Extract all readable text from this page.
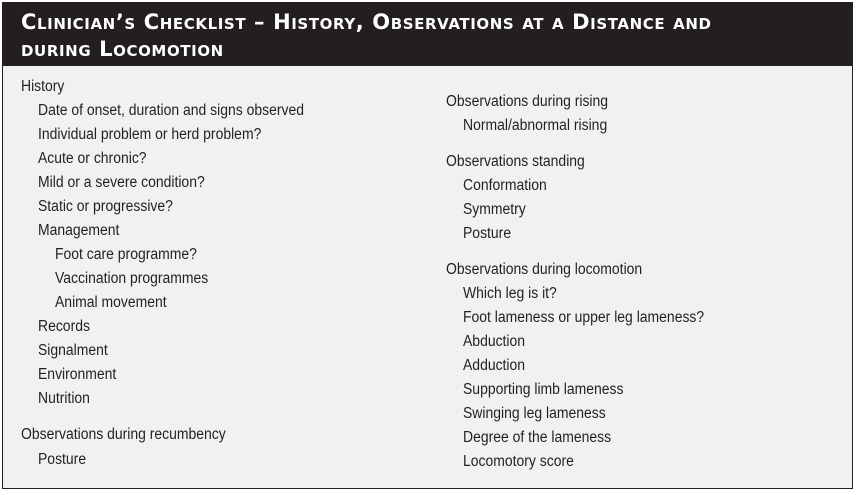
Clinician’s Checklist – History, Observations at a Distance and
during Locomotion
History
Date of onset, duration and signs observed
Individual problem or herd problem?
Acute or chronic?
Mild or a severe condition?
Static or progressive?
Management
Foot care programme?
Vaccination programmes
Animal movement
Records
Signalment
Environment
Nutrition
Observations during recumbency
Posture
Observations during rising
Normal/abnormal rising
Observations standing
Conformation
Symmetry
Posture
Observations during locomotion
Which leg is it?
Foot lameness or upper leg lameness?
Abduction
Adduction
Supporting limb lameness
Swinging leg lameness
Degree of the lameness
Locomotory score
